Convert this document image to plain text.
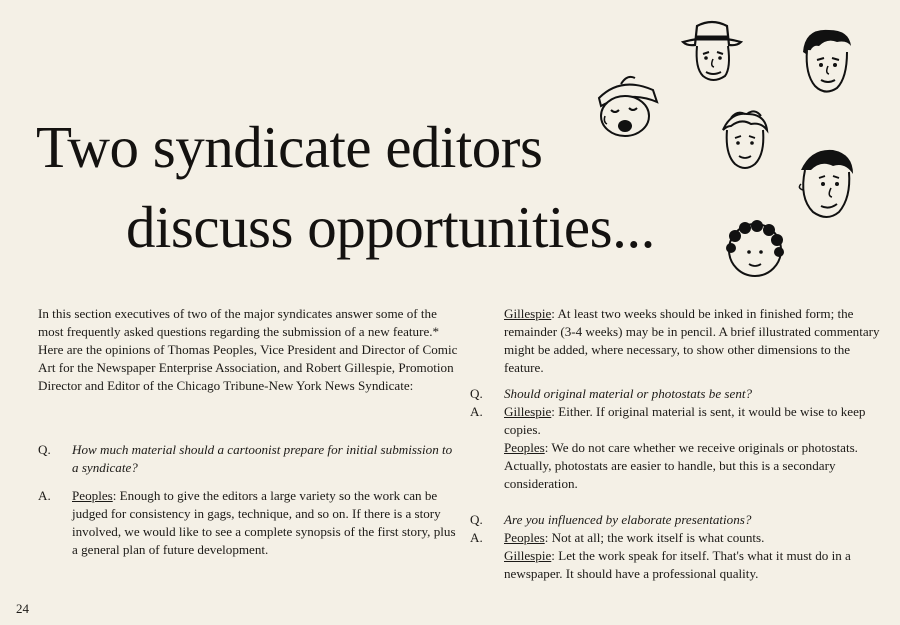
Two syndicate editors
discuss opportunities...

In this section executives of two of the major syndicates answer some of the most frequently asked questions regarding the submission of a new feature.*

Here are the opinions of Thomas Peoples, Vice President and Director of Comic Art for the Newspaper Enterprise Association, and Robert Gillespie, Promotion Director and Editor of the Chicago Tribune-New York News Syndicate:

Q.	How much material should a cartoonist prepare for initial submission to a syndicate?
A.	Peoples: Enough to give the editors a large variety so the work can be judged for consistency in gags, technique, and so on. If there is a story involved, we would like to see a complete synopsis of the first story, plus a general plan of future development.
Gillespie: At least two weeks should be inked in finished form; the remainder (3-4 weeks) may be in pencil. A brief illustrated commentary might be added, where necessary, to show other dimensions to the feature.
Q.	Should original material or photostats be sent?
A.	Gillespie: Either. If original material is sent, it would be wise to keep copies.
Peoples: We do not care whether we receive originals or photostats. Actually, photostats are easier to handle, but this is a secondary consideration.
Q.	Are you influenced by elaborate presentations?
A.	Peoples: Not at all; the work itself is what counts.
Gillespie: Let the work speak for itself. That's what it must do in a newspaper. It should have a professional quality.
24
